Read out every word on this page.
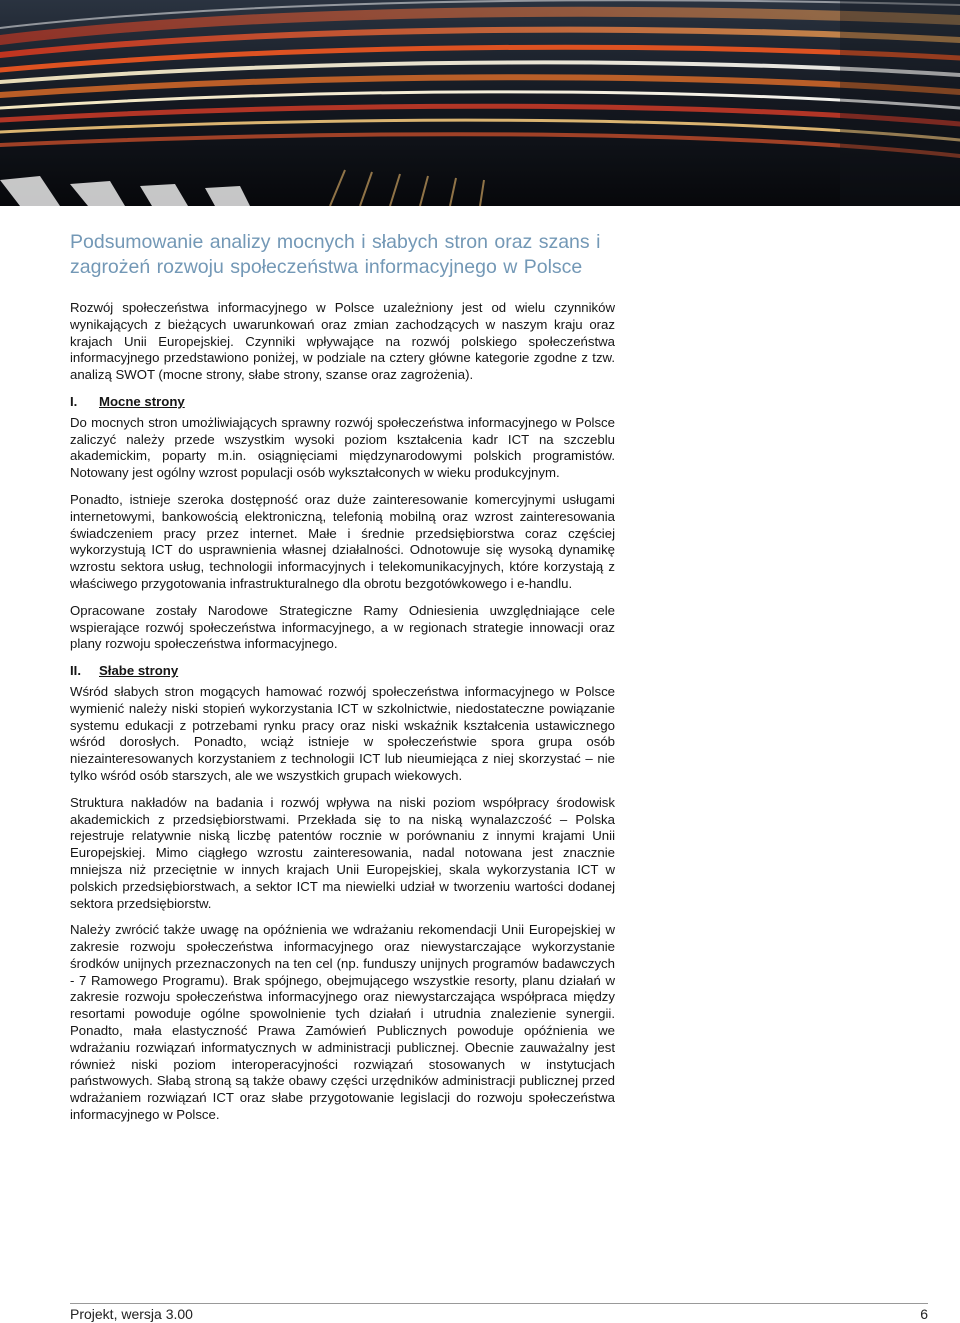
Podsumowanie analizy mocnych i słabych stron oraz szans i zagrożeń rozwoju społeczeństwa informacyjnego w Polsce

Rozwój społeczeństwa informacyjnego w Polsce uzależniony jest od wielu czynników wynikających z bieżących uwarunkowań oraz zmian zachodzących w naszym kraju oraz krajach Unii Europejskiej. Czynniki wpływające na rozwój polskiego społeczeństwa informacyjnego przedstawiono poniżej, w podziale na cztery główne kategorie zgodne z tzw. analizą SWOT (mocne strony, słabe strony, szanse oraz zagrożenia).

I. Mocne strony

Do mocnych stron umożliwiających sprawny rozwój społeczeństwa informacyjnego w Polsce zaliczyć należy przede wszystkim wysoki poziom kształcenia kadr ICT na szczeblu akademickim, poparty m.in. osiągnięciami międzynarodowymi polskich programistów. Notowany jest ogólny wzrost populacji osób wykształconych w wieku produkcyjnym.

Ponadto, istnieje szeroka dostępność oraz duże zainteresowanie komercyjnymi usługami internetowymi, bankowością elektroniczną, telefonią mobilną oraz wzrost zainteresowania świadczeniem pracy przez internet. Małe i średnie przedsiębiorstwa coraz częściej wykorzystują ICT do usprawnienia własnej działalności. Odnotowuje się wysoką dynamikę wzrostu sektora usług, technologii informacyjnych i telekomunikacyjnych, które korzystają z właściwego przygotowania infrastrukturalnego dla obrotu bezgotówkowego i e-handlu.

Opracowane zostały Narodowe Strategiczne Ramy Odniesienia uwzględniające cele wspierające rozwój społeczeństwa informacyjnego, a w regionach strategie innowacji oraz plany rozwoju społeczeństwa informacyjnego.

II. Słabe strony

Wśród słabych stron mogących hamować rozwój społeczeństwa informacyjnego w Polsce wymienić należy niski stopień wykorzystania ICT w szkolnictwie, niedostateczne powiązanie systemu edukacji z potrzebami rynku pracy oraz niski wskaźnik kształcenia ustawicznego wśród dorosłych. Ponadto, wciąż istnieje w społeczeństwie spora grupa osób niezainteresowanych korzystaniem z technologii ICT lub nieumiejąca z niej skorzystać – nie tylko wśród osób starszych, ale we wszystkich grupach wiekowych.

Struktura nakładów na badania i rozwój wpływa na niski poziom współpracy środowisk akademickich z przedsiębiorstwami. Przekłada się to na niską wynalazczość – Polska rejestruje relatywnie niską liczbę patentów rocznie w porównaniu z innymi krajami Unii Europejskiej. Mimo ciągłego wzrostu zainteresowania, nadal notowana jest znacznie mniejsza niż przeciętnie w innych krajach Unii Europejskiej, skala wykorzystania ICT w polskich przedsiębiorstwach, a sektor ICT ma niewielki udział w tworzeniu wartości dodanej sektora przedsiębiorstw.

Należy zwrócić także uwagę na opóźnienia we wdrażaniu rekomendacji Unii Europejskiej w zakresie rozwoju społeczeństwa informacyjnego oraz niewystarczające wykorzystanie środków unijnych przeznaczonych na ten cel (np. funduszy unijnych programów badawczych - 7 Ramowego Programu). Brak spójnego, obejmującego wszystkie resorty, planu działań w zakresie rozwoju społeczeństwa informacyjnego oraz niewystarczająca współpraca między resortami powoduje ogólne spowolnienie tych działań i utrudnia znalezienie synergii. Ponadto, mała elastyczność Prawa Zamówień Publicznych powoduje opóźnienia we wdrażaniu rozwiązań informatycznych w administracji publicznej. Obecnie zauważalny jest również niski poziom interoperacyjności rozwiązań stosowanych w instytucjach państwowych. Słabą stroną są także obawy części urzędników administracji publicznej przed wdrażaniem rozwiązań ICT oraz słabe przygotowanie legislacji do rozwoju społeczeństwa informacyjnego w Polsce.

Projekt, wersja 3.00	6
